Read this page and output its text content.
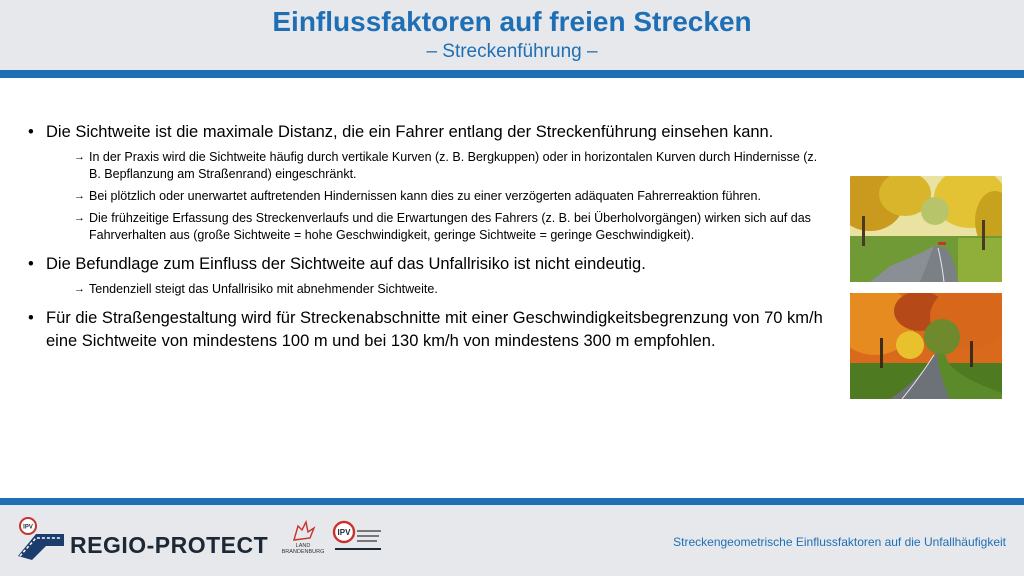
Einflussfaktoren auf freien Strecken
– Streckenführung –

• Die Sichtweite ist die maximale Distanz, die ein Fahrer entlang der Streckenführung einsehen kann.

→ In der Praxis wird die Sichtweite häufig durch vertikale Kurven (z. B. Bergkuppen) oder in horizontalen Kurven durch Hindernisse (z. B. Bepflanzung am Straßenrand) eingeschränkt.

→ Bei plötzlich oder unerwartet auftretenden Hindernissen kann dies zu einer verzögerten adäquaten Fahrerreaktion führen.

→ Die frühzeitige Erfassung des Streckenverlaufs und die Erwartungen des Fahrers (z. B. bei Überholvorgängen) wirken sich auf das Fahrverhalten aus (große Sichtweite = hohe Geschwindigkeit, geringe Sichtweite = geringe Geschwindigkeit).

• Die Befundlage zum Einfluss der Sichtweite auf das Unfallrisiko ist nicht eindeutig.

→ Tendenziell steigt das Unfallrisiko mit abnehmender Sichtweite.

• Für die Straßengestaltung wird für Streckenabschnitte mit einer Geschwindigkeitsbegrenzung von 70 km/h eine Sichtweite von mindestens 100 m und bei 130 km/h von mindestens 300 m empfohlen.

IPV
REGIO-PROTECT	LAND
BRANDENBURG
IPV
Streckengeometrische Einflussfaktoren auf die Unfallhäufigkeit
